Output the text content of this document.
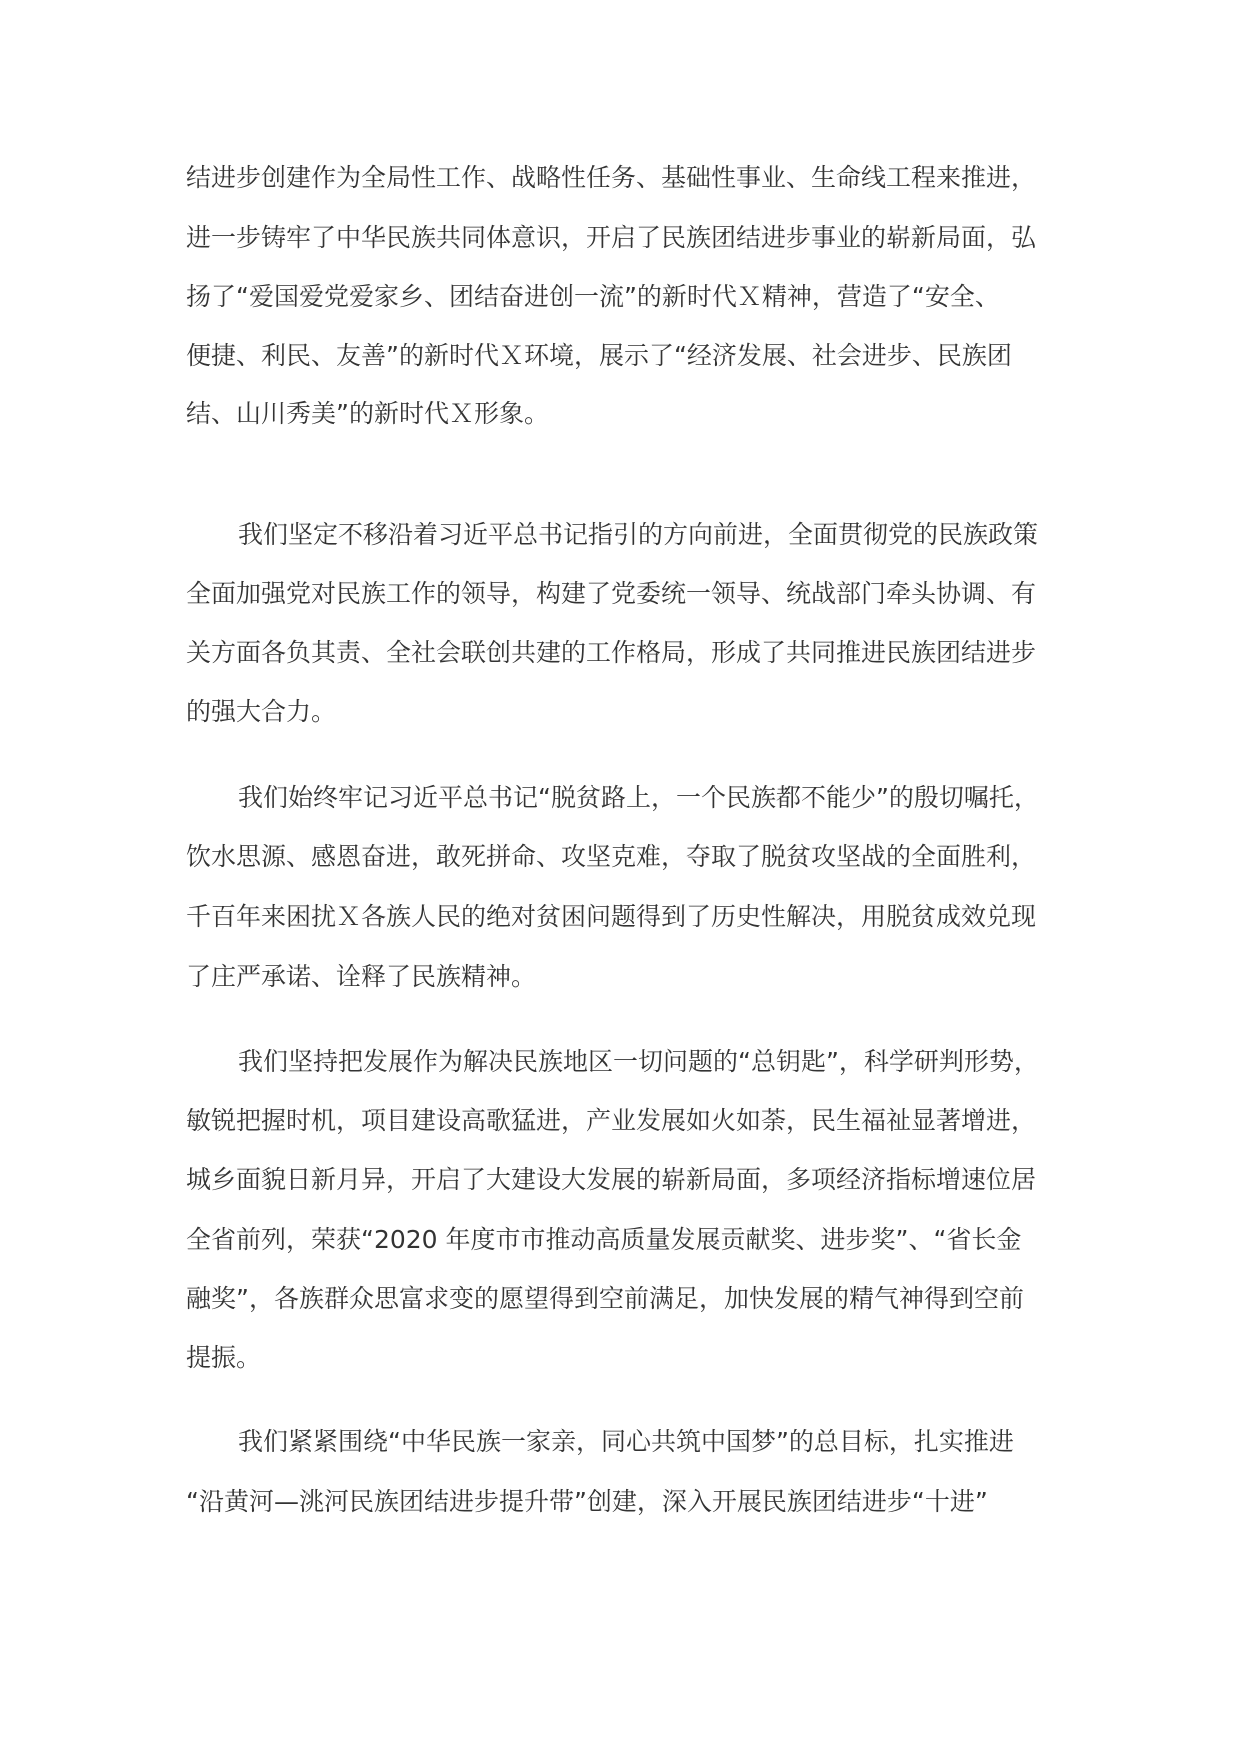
结进步创建作为全局性工作、战略性任务、基础性事业、生命线工程来推进，

进一步铸牢了中华民族共同体意识，开启了民族团结进步事业的崭新局面，弘

扬了“爱国爱党爱家乡、团结奋进创一流”的新时代Ｘ精神，营造了“安全、

便捷、利民、友善”的新时代Ｘ环境，展示了“经济发展、社会进步、民族团

结、山川秀美”的新时代Ｘ形象。

我们坚定不移沿着习近平总书记指引的方向前进，全面贯彻党的民族政策

全面加强党对民族工作的领导，构建了党委统一领导、统战部门牵头协调、有

关方面各负其责、全社会联创共建的工作格局，形成了共同推进民族团结进步

的强大合力。

我们始终牢记习近平总书记“脱贫路上，一个民族都不能少”的殷切嘱托，

饮水思源、感恩奋进，敢死拼命、攻坚克难，夺取了脱贫攻坚战的全面胜利，

千百年来困扰Ｘ各族人民的绝对贫困问题得到了历史性解决，用脱贫成效兑现

了庄严承诺、诠释了民族精神。

我们坚持把发展作为解决民族地区一切问题的“总钥匙”，科学研判形势，

敏锐把握时机，项目建设高歌猛进，产业发展如火如荼，民生福祉显著增进，

城乡面貌日新月异，开启了大建设大发展的崭新局面，多项经济指标增速位居

全省前列，荣获“2020 年度市市推动高质量发展贡献奖、进步奖”、“省长金

融奖”，各族群众思富求变的愿望得到空前满足，加快发展的精气神得到空前

提振。

我们紧紧围绕“中华民族一家亲，同心共筑中国梦”的总目标，扎实推进

“沿黄河—洮河民族团结进步提升带”创建，深入开展民族团结进步“十进”
